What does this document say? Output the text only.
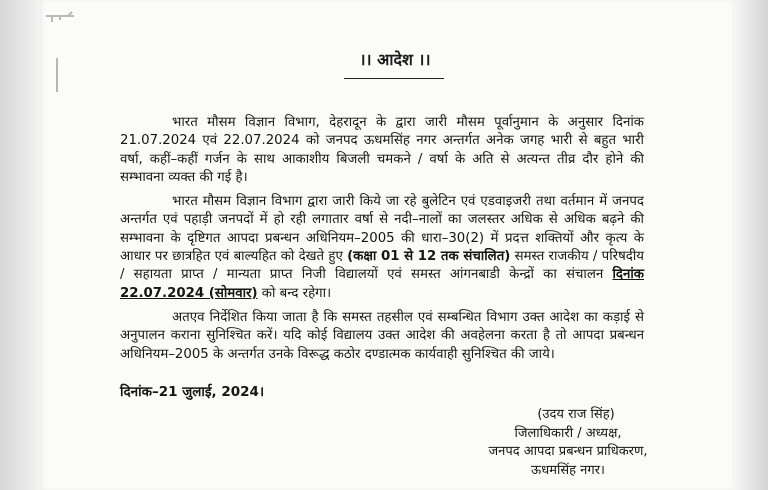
।। आदेश ।।

भारत मौसम विज्ञान विभाग, देहरादून के द्वारा जारी मौसम पूर्वानुमान के अनुसार दिनांक 21.07.2024 एवं 22.07.2024 को जनपद ऊधमसिंह नगर अन्तर्गत अनेक जगह भारी से बहुत भारी वर्षा, कहीं–कहीं गर्जन के साथ आकाशीय बिजली चमकने / वर्षा के अति से अत्यन्त तीव्र दौर होने की सम्भावना व्यक्त की गई है।

भारत मौसम विज्ञान विभाग द्वारा जारी किये जा रहे बुलेटिन एवं एडवाइजरी तथा वर्तमान में जनपद अन्तर्गत एवं पहाड़ी जनपदों में हो रही लगातार वर्षा से नदी–नालों का जलस्तर अधिक से अधिक बढ़ने की सम्भावना के दृष्टिगत आपदा प्रबन्धन अधिनियम–2005 की धारा–30(2) में प्रदत्त शक्तियों और कृत्य के आधार पर छात्रहित एवं बाल्यहित को देखते हुए (कक्षा 01 से 12 तक संचालित) समस्त राजकीय / परिषदीय / सहायता प्राप्त / मान्यता प्राप्त निजी विद्यालयों एवं समस्त आंगनबाडी केन्द्रों का संचालन दिनांक 22.07.2024 (सोमवार) को बन्द रहेगा।

अतएव निर्देशित किया जाता है कि समस्त तहसील एवं सम्बन्धित विभाग उक्त आदेश का कड़ाई से अनुपालन कराना सुनिश्चित करें। यदि कोई विद्यालय उक्त आदेश की अवहेलना करता है तो आपदा प्रबन्धन अधिनियम–2005 के अन्तर्गत उनके विरूद्ध कठोर दण्डात्मक कार्यवाही सुनिश्चित की जाये।

दिनांक–21 जुलाई, 2024।
(उदय राज सिंह)
जिलाधिकारी / अध्यक्ष,
जनपद आपदा प्रबन्धन प्राधिकरण,
ऊधमसिंह नगर।
